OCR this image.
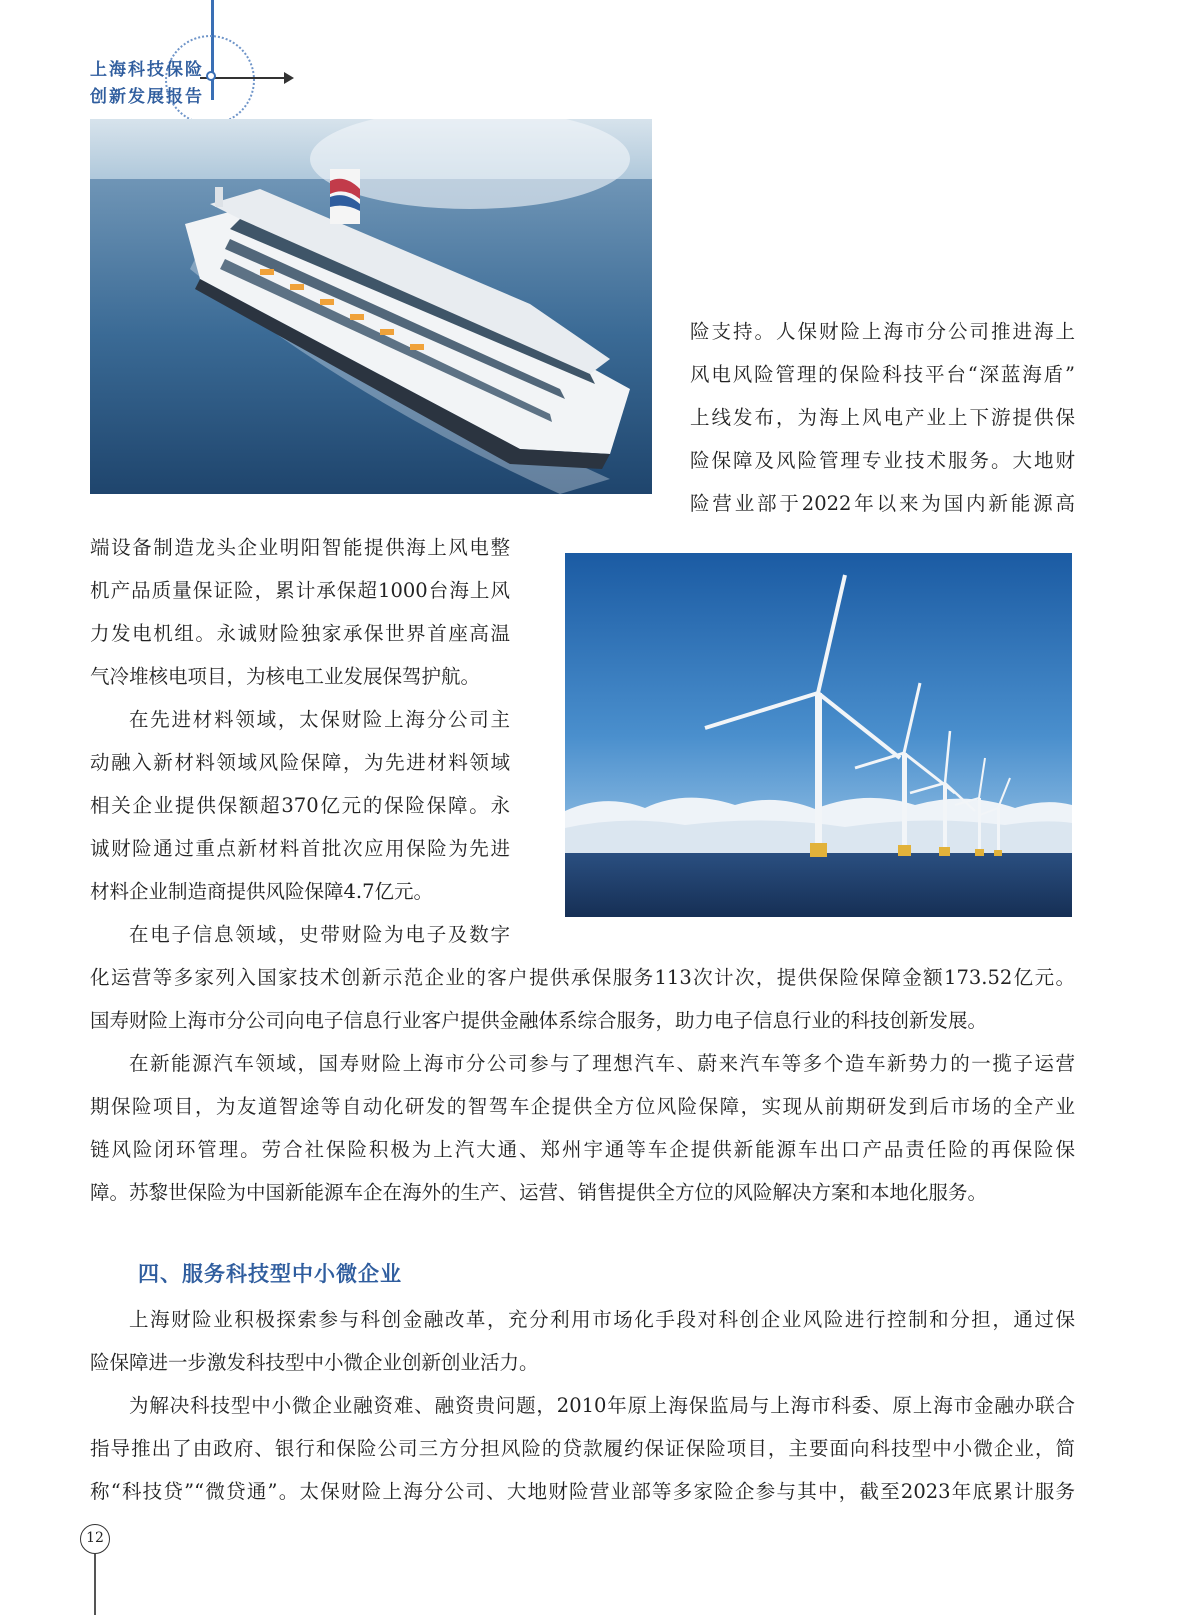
上海科技保险
创新发展报告

险支持。人保财险上海市分公司推进海上

风电风险管理的保险科技平台“深蓝海盾”

上线发布，为海上风电产业上下游提供保

险保障及风险管理专业技术服务。大地财

险营业部于2022年以来为国内新能源高

端设备制造龙头企业明阳智能提供海上风电整

机产品质量保证险，累计承保超1000台海上风

力发电机组。永诚财险独家承保世界首座高温

气冷堆核电项目，为核电工业发展保驾护航。

在先进材料领域，太保财险上海分公司主

动融入新材料领域风险保障，为先进材料领域

相关企业提供保额超370亿元的保险保障。永

诚财险通过重点新材料首批次应用保险为先进

材料企业制造商提供风险保障4.7亿元。

在电子信息领域，史带财险为电子及数字

化运营等多家列入国家技术创新示范企业的客户提供承保服务113次计次，提供保险保障金额173.52亿元。

国寿财险上海市分公司向电子信息行业客户提供金融体系综合服务，助力电子信息行业的科技创新发展。

在新能源汽车领域，国寿财险上海市分公司参与了理想汽车、蔚来汽车等多个造车新势力的一揽子运营

期保险项目，为友道智途等自动化研发的智驾车企提供全方位风险保障，实现从前期研发到后市场的全产业

链风险闭环管理。劳合社保险积极为上汽大通、郑州宇通等车企提供新能源车出口产品责任险的再保险保

障。苏黎世保险为中国新能源车企在海外的生产、运营、销售提供全方位的风险解决方案和本地化服务。

四、服务科技型中小微企业

上海财险业积极探索参与科创金融改革，充分利用市场化手段对科创企业风险进行控制和分担，通过保

险保障进一步激发科技型中小微企业创新创业活力。

为解决科技型中小微企业融资难、融资贵问题，2010年原上海保监局与上海市科委、原上海市金融办联合

指导推出了由政府、银行和保险公司三方分担风险的贷款履约保证保险项目，主要面向科技型中小微企业，简

称“科技贷”“微贷通”。太保财险上海分公司、大地财险营业部等多家险企参与其中，截至2023年底累计服务

12
